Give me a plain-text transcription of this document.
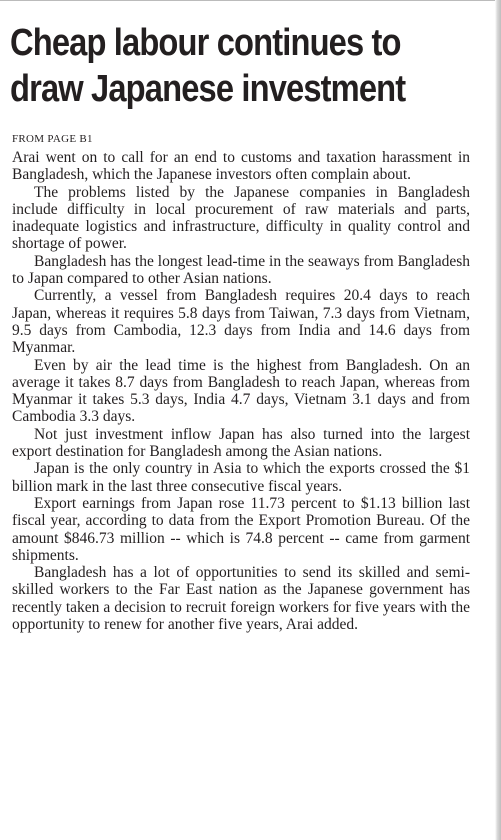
Cheap labour continues to
draw Japanese investment
FROM PAGE B1

Arai went on to call for an end to customs and taxation harassment in Bangladesh, which the Japanese investors often complain about.

The problems listed by the Japanese companies in Bangladesh include difficulty in local procurement of raw materials and parts, inadequate logistics and infrastructure, difficulty in quality control and shortage of power.

Bangladesh has the longest lead-time in the seaways from Bangladesh to Japan compared to other Asian nations.

Currently, a vessel from Bangladesh requires 20.4 days to reach Japan, whereas it requires 5.8 days from Taiwan, 7.3 days from Vietnam, 9.5 days from Cambodia, 12.3 days from India and 14.6 days from Myanmar.

Even by air the lead time is the highest from Bangladesh. On an average it takes 8.7 days from Bangladesh to reach Japan, whereas from Myanmar it takes 5.3 days, India 4.7 days, Vietnam 3.1 days and from Cambodia 3.3 days.

Not just investment inflow Japan has also turned into the largest export destination for Bangladesh among the Asian nations.

Japan is the only country in Asia to which the exports crossed the $1 billion mark in the last three consecutive fiscal years.

Export earnings from Japan rose 11.73 percent to $1.13 billion last fiscal year, according to data from the Export Promotion Bureau. Of the amount $846.73 million -- which is 74.8 percent -- came from garment shipments.

Bangladesh has a lot of opportunities to send its skilled and semi-skilled workers to the Far East nation as the Japanese government has recently taken a decision to recruit foreign workers for five years with the opportunity to renew for another five years, Arai added.
